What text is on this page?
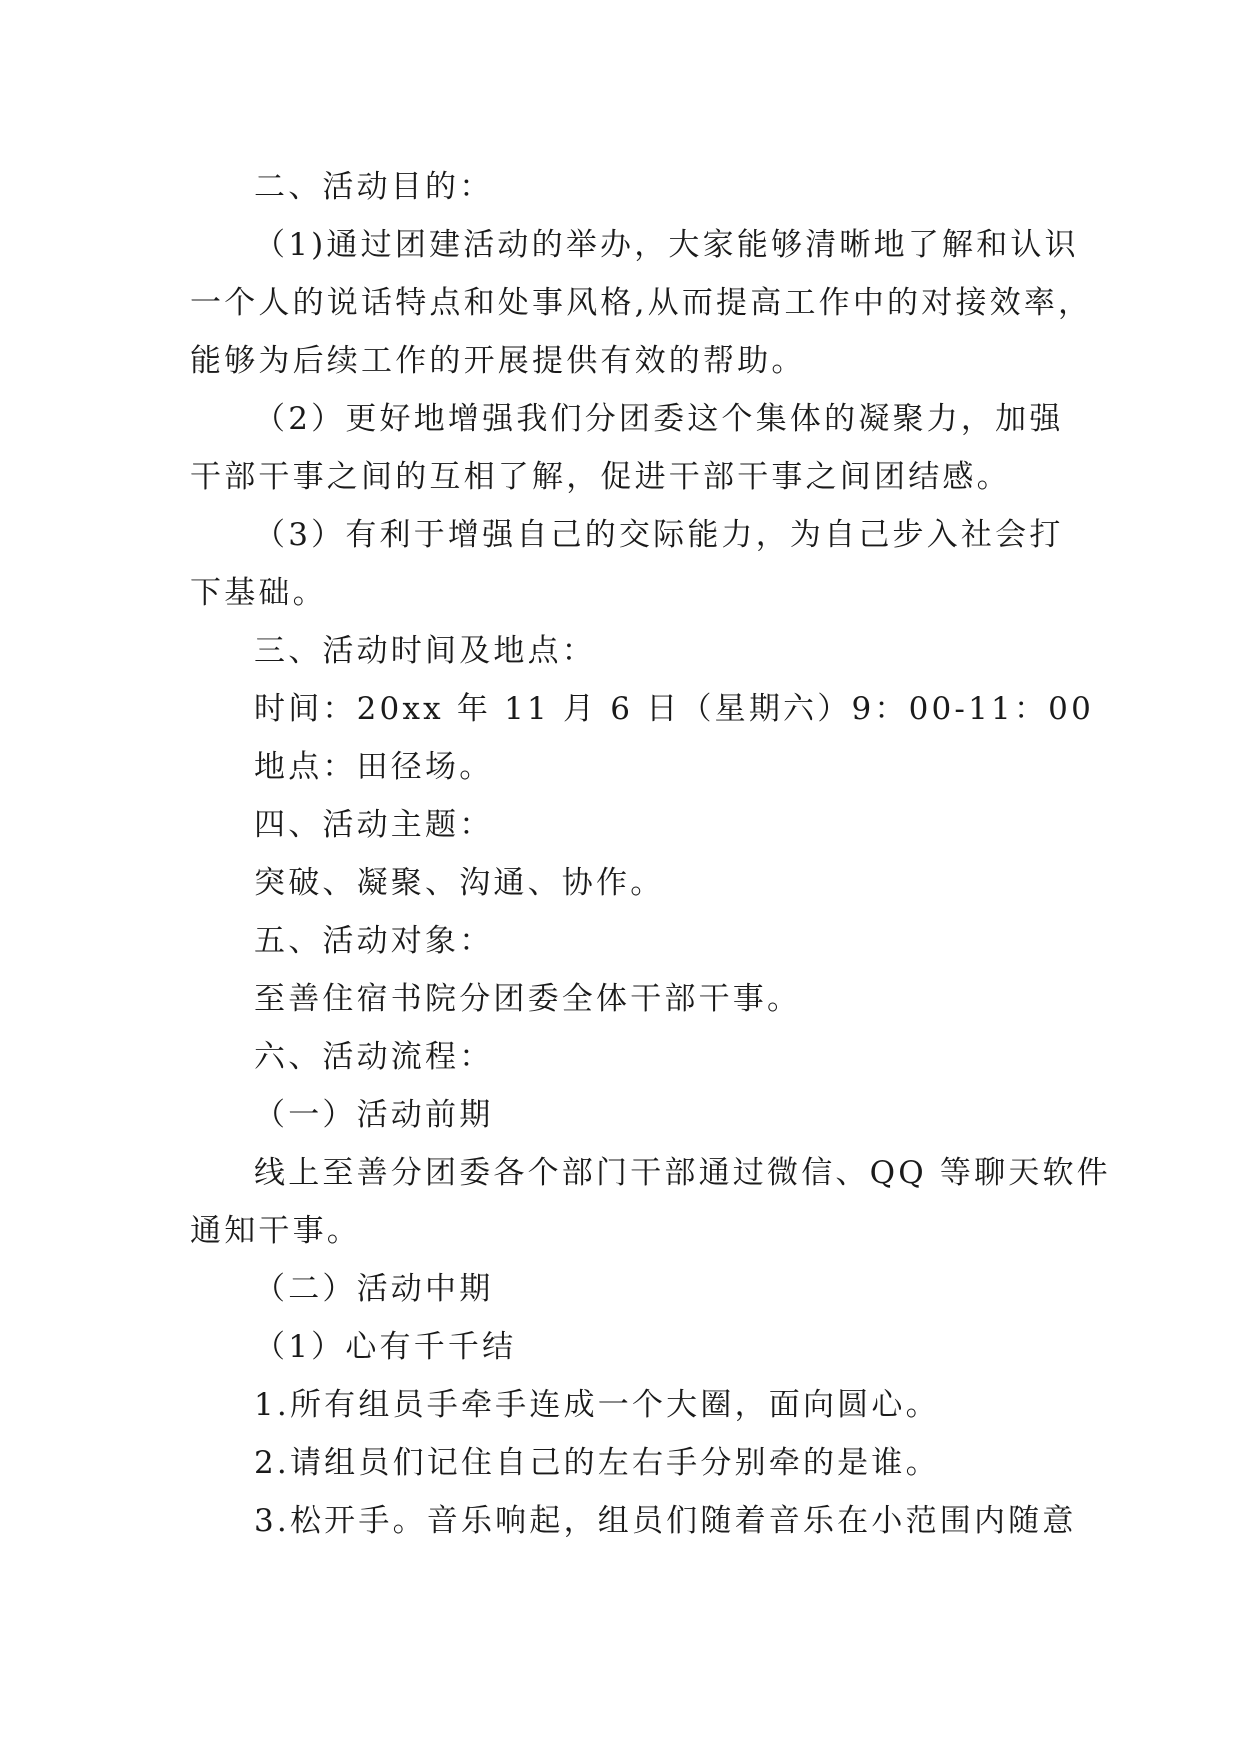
二、活动目的：

（1)通过团建活动的举办，大家能够清晰地了解和认识

一个人的说话特点和处事风格,从而提高工作中的对接效率，

能够为后续工作的开展提供有效的帮助。

（2）更好地增强我们分团委这个集体的凝聚力，加强

干部干事之间的互相了解，促进干部干事之间团结感。

（3）有利于增强自己的交际能力，为自己步入社会打

下基础。

三、活动时间及地点：

时间：20xx 年 11 月 6 日（星期六）9：00-11：00

地点：田径场。

四、活动主题：

突破、凝聚、沟通、协作。

五、活动对象：

至善住宿书院分团委全体干部干事。

六、活动流程：

（一）活动前期

线上至善分团委各个部门干部通过微信、QQ 等聊天软件

通知干事。

（二）活动中期

（1）心有千千结

1.所有组员手牵手连成一个大圈，面向圆心。

2.请组员们记住自己的左右手分别牵的是谁。

3.松开手。音乐响起，组员们随着音乐在小范围内随意
